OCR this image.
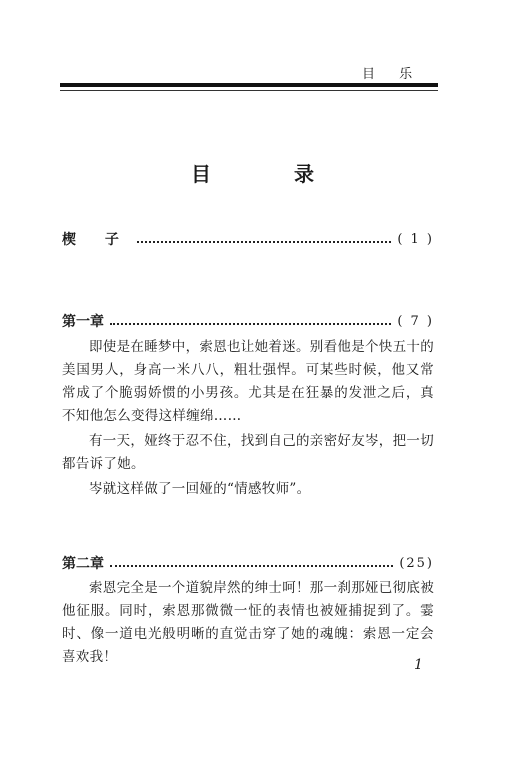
目 乐
目 录
楔 子	( 1 )
第一章	( 7 )

即使是在睡梦中，索恩也让她着迷。别看他是个快五十的美国男人，身高一米八八，粗壮强悍。可某些时候，他又常常成了个脆弱娇惯的小男孩。尤其是在狂暴的发泄之后，真不知他怎么变得这样缠绵……

有一天，娅终于忍不住，找到自己的亲密好友岑，把一切都告诉了她。

岑就这样做了一回娅的“情感牧师”。

第二章	(25)

索恩完全是一个道貌岸然的绅士呵！那一刹那娅已彻底被他征服。同时，索恩那微微一怔的表情也被娅捕捉到了。霎时、像一道电光般明晰的直觉击穿了她的魂魄：索恩一定会喜欢我！	1
